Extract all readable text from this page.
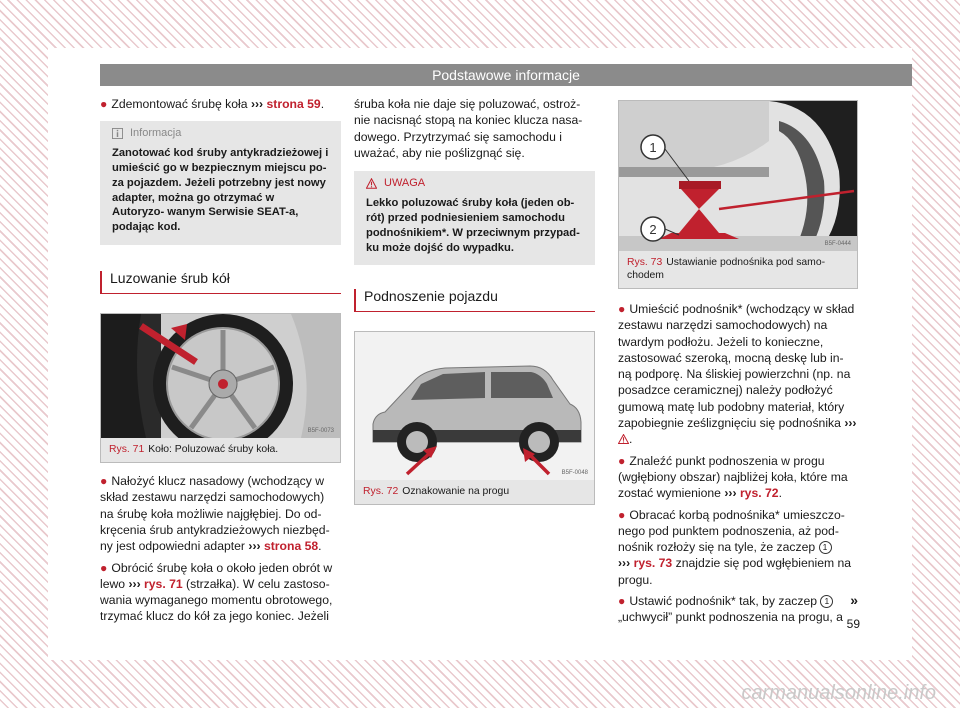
Podstawowe informacje

● Zdemontować śrubę koła ››› strona 59.

Informacja
Zanotować kod śruby antykradzieżowej i umieścić go w bezpiecznym miejscu po- za pojazdem. Jeżeli potrzebny jest nowy adapter, można go otrzymać w Autoryzo- wanym Serwisie SEAT-a, podając kod.
Luzowanie śrub kół
B5F-0073
Rys. 71 Koło: Poluzować śruby koła.

● Nałożyć klucz nasadowy (wchodzący w skład zestawu narzędzi samochodowych) na śrubę koła możliwie najgłębiej. Do od- kręcenia śrub antykradzieżowych niezbęd- ny jest odpowiedni adapter ››› strona 58.

● Obrócić śrubę koła o około jeden obrót w lewo ››› rys. 71 (strzałka). W celu zastoso- wania wymaganego momentu obrotowego, trzymać klucz do kół za jego koniec. Jeżeli

śruba koła nie daje się poluzować, ostroż- nie nacisnąć stopą na koniec klucza nasa- dowego. Przytrzymać się samochodu i uważać, aby nie poślizgnąć się.

UWAGA
Lekko poluzować śruby koła (jeden ob- rót) przed podniesieniem samochodu podnośnikiem*. W przeciwnym przypad- ku może dojść do wypadku.
Podnoszenie pojazdu
B5F-0048
Rys. 72 Oznakowanie na progu
1
2
B5F-0444
Rys. 73 Ustawianie podnośnika pod samo- chodem

● Umieścić podnośnik* (wchodzący w skład zestawu narzędzi samochodowych) na twardym podłożu. Jeżeli to konieczne, zastosować szeroką, mocną deskę lub in- ną podporę. Na śliskiej powierzchni (np. na posadzce ceramicznej) należy podłożyć gumową matę lub podobny materiał, który zapobiegnie ześlizgnięciu się podnośnika ››› .

● Znaleźć punkt podnoszenia w progu (wgłębiony obszar) najbliżej koła, które ma zostać wymienione ››› rys. 72.

● Obracać korbą podnośnika* umieszczo- nego pod punktem podnoszenia, aż pod- nośnik rozłoży się na tyle, że zaczep 1
››› rys. 73 znajdzie się pod wgłębieniem na progu.

● Ustawić podnośnik* tak, by zaczep 1
„uchwycił” punkt podnoszenia na progu, a

»
59
carmanualsonline.info
